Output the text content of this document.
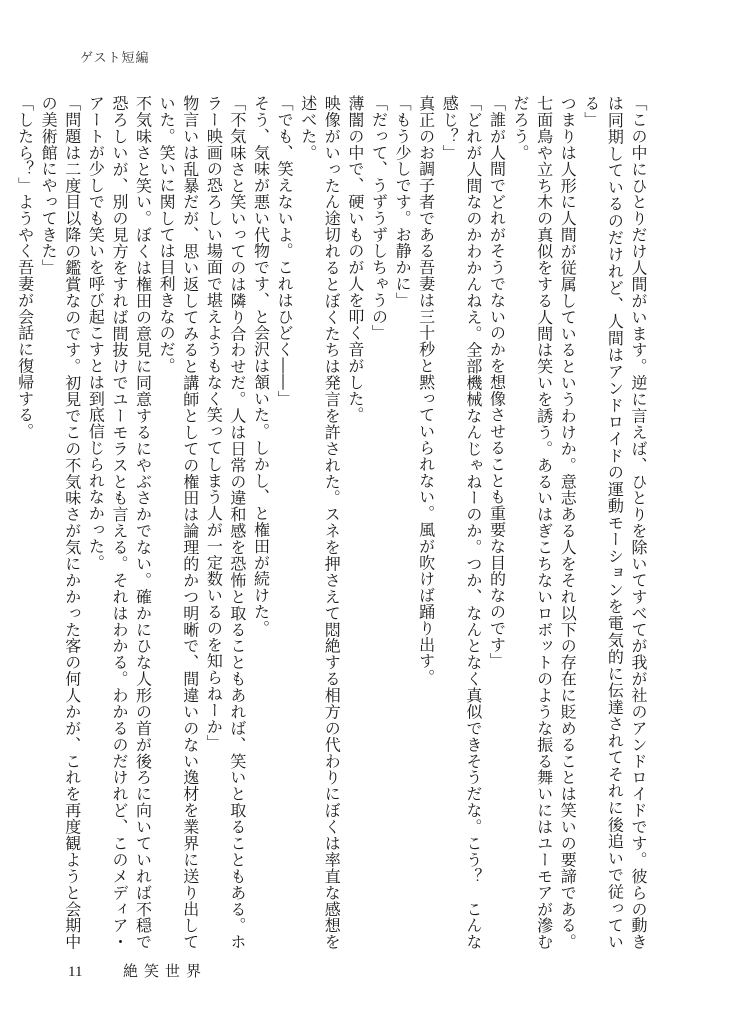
ゲスト短編

「この中にひとりだけ人間がいます。逆に言えば、ひとりを除いてすべてが我が社のアンドロイドです。彼らの動きは同期しているのだけれど、人間はアンドロイドの運動モーションを電気的に伝達されてそれに後追いで従っている」

つまりは人形に人間が従属しているというわけか。意志ある人をそれ以下の存在に貶めることは笑いの要諦である。七面鳥や立ち木の真似をする人間は笑いを誘う。あるいはぎこちないロボットのような振る舞いにはユーモアが滲むだろう。

「誰が人間でどれがそうでないのかを想像させることも重要な目的なのです」

「どれが人間なのかわかんねえ。全部機械なんじゃねーのか。つか、なんとなく真似できそうだな。こう？　こんな感じ？」

真正のお調子者である吾妻は三十秒と黙っていられない。風が吹けば踊り出す。

「もう少しです。お静かに」

「だって、うずうずしちゃうの」

薄闇の中で、硬いものが人を叩く音がした。

映像がいったん途切れるとぼくたちは発言を許された。スネを押さえて悶絶する相方の代わりにぼくは率直な感想を述べた。

「でも、笑えないよ。これはひどく――」

そう、気味が悪い代物です、と会沢は頷いた。しかし、と権田が続けた。

「不気味さと笑いってのは隣り合わせだ。人は日常の違和感を恐怖と取ることもあれば、笑いと取ることもある。ホラー映画の恐ろしい場面で堪えようもなく笑ってしまう人が一定数いるのを知らねーか」

物言いは乱暴だが、思い返してみると講師としての権田は論理的かつ明晰で、間違いのない逸材を業界に送り出していた。笑いに関しては目利きなのだ。

不気味さと笑い。ぼくは権田の意見に同意するにやぶさかでない。確かにひな人形の首が後ろに向いていれば不穏で恐ろしいが、別の見方をすれば間抜けでユーモラスとも言える。それはわかる。わかるのだけれど、このメディア・アートが少しでも笑いを呼び起こすとは到底信じられなかった。

「問題は二度目以降の鑑賞なのです。初見でこの不気味さが気にかかった客の何人かが、これを再度観ようと会期中の美術館にやってきた」

「したら？」ようやく吾妻が会話に復帰する。

11	絶笑世界
